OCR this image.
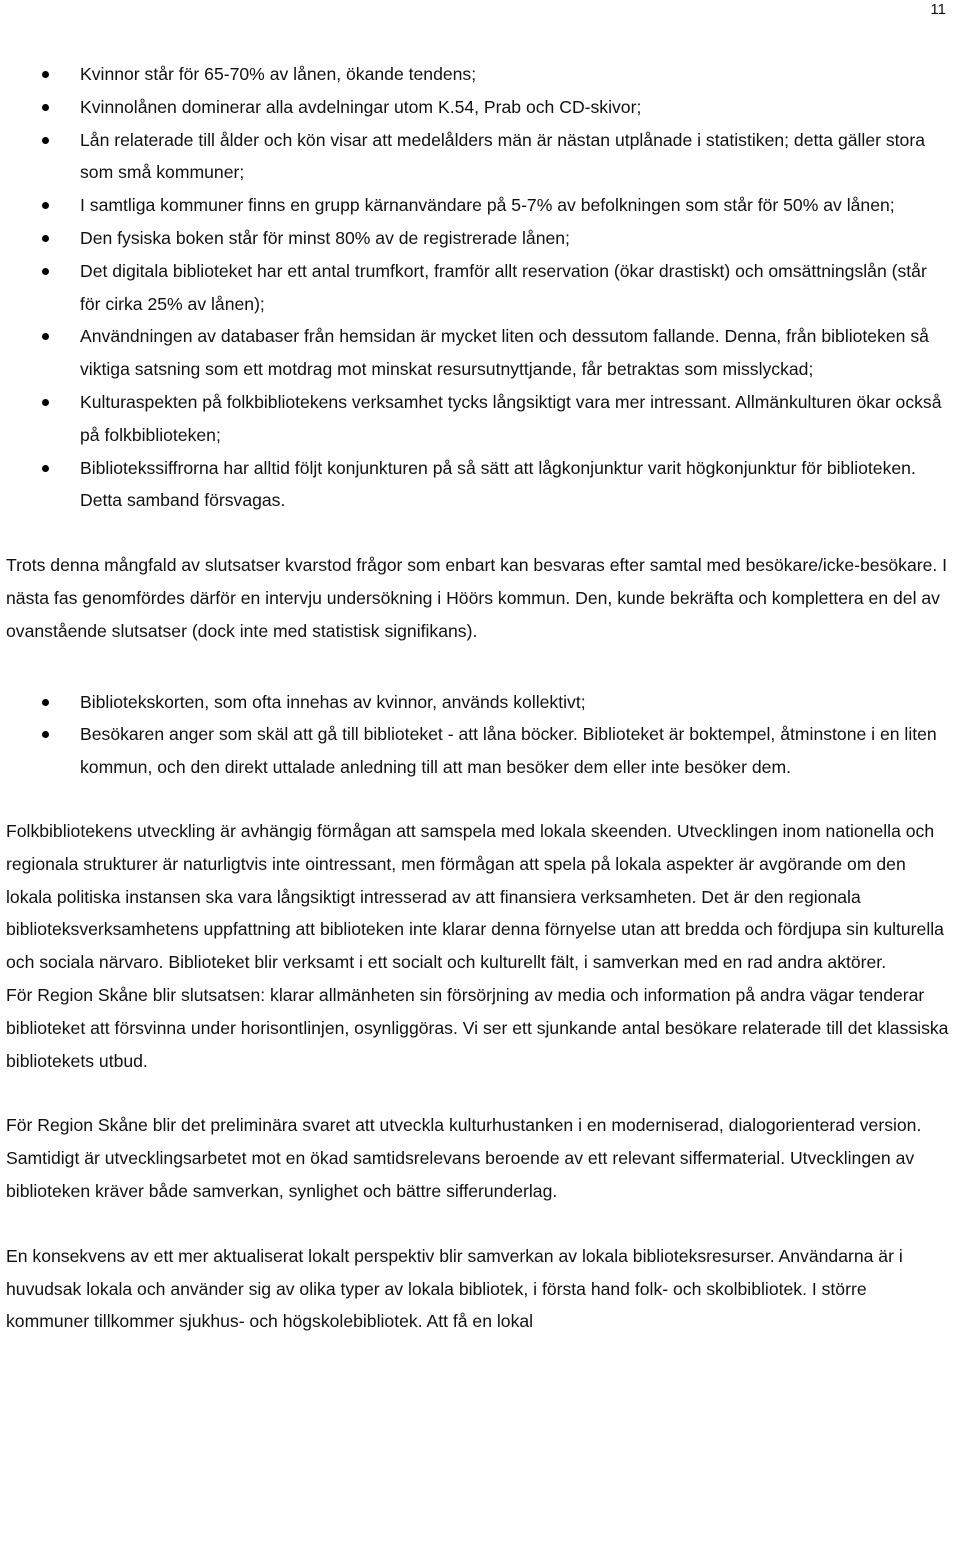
11
Kvinnor står för 65-70% av lånen, ökande tendens;
Kvinnolånen dominerar alla avdelningar utom K.54, Prab och CD-skivor;
Lån relaterade till ålder och kön visar att medelålders män är nästan utplånade i statistiken; detta gäller stora som små kommuner;
I samtliga kommuner finns en grupp kärnanvändare på 5-7% av befolkningen som står för 50% av lånen;
Den fysiska boken står för minst 80% av de registrerade lånen;
Det digitala biblioteket har ett antal trumfkort, framför allt reservation (ökar drastiskt) och omsättningslån (står för cirka 25% av lånen);
Användningen av databaser från hemsidan är mycket liten och dessutom fallande. Denna, från biblioteken så viktiga satsning som ett motdrag mot minskat resursutnyttjande, får betraktas som misslyckad;
Kulturaspekten på folkbibliotekens verksamhet tycks långsiktigt vara mer intressant. Allmänkulturen ökar också på folkbiblioteken;
Bibliotekssiffrorna har alltid följt konjunkturen på så sätt att lågkonjunktur varit högkonjunktur för biblioteken. Detta samband försvagas.

Trots denna mångfald av slutsatser kvarstod frågor som enbart kan besvaras efter samtal med besökare/icke-besökare. I nästa fas genomfördes därför en intervju undersökning i Höörs kommun. Den, kunde bekräfta och komplettera en del av ovanstående slutsatser (dock inte med statistisk signifikans).

Bibliotekskorten, som ofta innehas av kvinnor, används kollektivt;
Besökaren anger som skäl att gå till biblioteket - att låna böcker. Biblioteket är boktempel, åtminstone i en liten kommun, och den direkt uttalade anledning till att man besöker dem eller inte besöker dem.

Folkbibliotekens utveckling är avhängig förmågan att samspela med lokala skeenden. Utvecklingen inom nationella och regionala strukturer är naturligtvis inte ointressant, men förmågan att spela på lokala aspekter är avgörande om den lokala politiska instansen ska vara långsiktigt intresserad av att finansiera verksamheten. Det är den regionala biblioteksverksamhetens uppfattning att biblioteken inte klarar denna förnyelse utan att bredda och fördjupa sin kulturella och sociala närvaro. Biblioteket blir verksamt i ett socialt och kulturellt fält, i samverkan med en rad andra aktörer.

För Region Skåne blir slutsatsen: klarar allmänheten sin försörjning av media och information på andra vägar tenderar biblioteket att försvinna under horisontlinjen, osynliggöras. Vi ser ett sjunkande antal besökare relaterade till det klassiska bibliotekets utbud.

För Region Skåne blir det preliminära svaret att utveckla kulturhustanken i en moderniserad, dialogorienterad version. Samtidigt är utvecklingsarbetet mot en ökad samtidsrelevans beroende av ett relevant siffermaterial. Utvecklingen av biblioteken kräver både samverkan, synlighet och bättre sifferunderlag.

En konsekvens av ett mer aktualiserat lokalt perspektiv blir samverkan av lokala biblioteksresurser. Användarna är i huvudsak lokala och använder sig av olika typer av lokala bibliotek, i första hand folk- och skolbibliotek. I större kommuner tillkommer sjukhus- och högskolebibliotek. Att få en lokal
